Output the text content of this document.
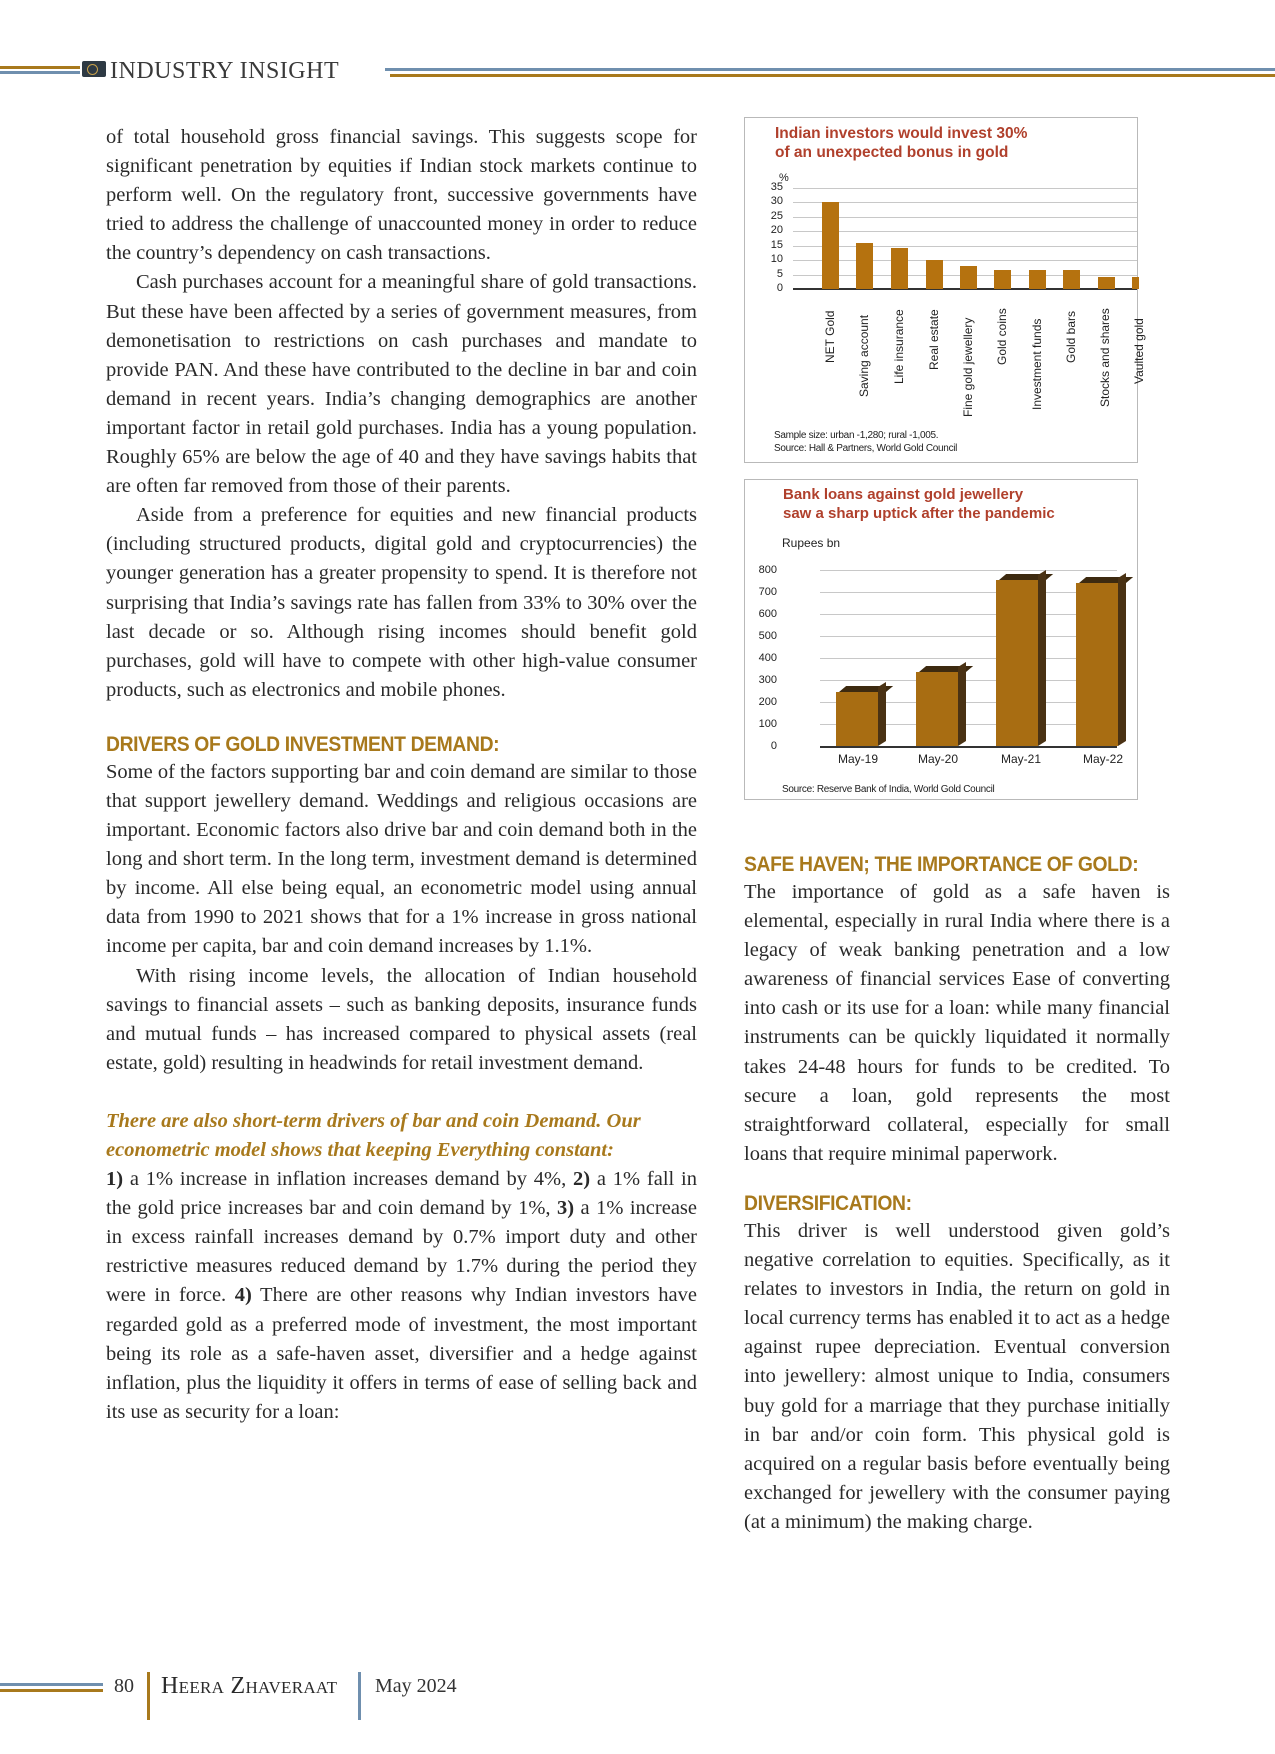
INDUSTRY INSIGHT

of total household gross financial savings. This suggests scope for significant penetration by equities if Indian stock markets continue to perform well. On the regulatory front, successive governments have tried to address the challenge of unaccounted money in order to reduce the country’s dependency on cash transactions.

Cash purchases account for a meaningful share of gold transactions. But these have been affected by a series of government measures, from demonetisation to restrictions on cash purchases and mandate to provide PAN. And these have contributed to the decline in bar and coin demand in recent years. India’s changing demographics are another important factor in retail gold purchases. India has a young population. Roughly 65% are below the age of 40 and they have savings habits that are often far removed from those of their parents.

Aside from a preference for equities and new financial products (including structured products, digital gold and cryptocurrencies) the younger generation has a greater propensity to spend. It is therefore not surprising that India’s savings rate has fallen from 33% to 30% over the last decade or so. Although rising incomes should benefit gold purchases, gold will have to compete with other high-value consumer products, such as electronics and mobile phones.

DRIVERS OF GOLD INVESTMENT DEMAND:

Some of the factors supporting bar and coin demand are similar to those that support jewellery demand. Weddings and religious occasions are important. Economic factors also drive bar and coin demand both in the long and short term. In the long term, investment demand is determined by income. All else being equal, an econometric model using annual data from 1990 to 2021 shows that for a 1% increase in gross national income per capita, bar and coin demand increases by 1.1%.

With rising income levels, the allocation of Indian household savings to financial assets – such as banking deposits, insurance funds and mutual funds – has increased compared to physical assets (real estate, gold) resulting in headwinds for retail investment demand.

There are also short-term drivers of bar and coin Demand. Our econometric model shows that keeping Everything constant:

1) a 1% increase in inflation increases demand by 4%, 2) a 1% fall in the gold price increases bar and coin demand by 1%, 3) a 1% increase in excess rainfall increases demand by 0.7% import duty and other restrictive measures reduced demand by 1.7% during the period they were in force. 4) There are other reasons why Indian investors have regarded gold as a preferred mode of investment, the most important being its role as a safe-haven asset, diversifier and a hedge against inflation, plus the liquidity it offers in terms of ease of selling back and its use as security for a loan:

Indian investors would invest 30%
of an unexpected bonus in gold
%
35
30
25
20
15
10
5
0
NET Gold Saving account Life insurance Real estate Fine gold jewellery Gold coins Investment funds Gold bars Stocks and shares Vaulted gold
Sample size: urban -1,280; rural -1,005.
Source: Hall & Partners, World Gold Council
Bank loans against gold jewellery
saw a sharp uptick after the pandemic
Rupees bn
800
700
600
500
400
300
200
100
0
May-19	May-20	May-21	May-22
Source: Reserve Bank of India, World Gold Council
SAFE HAVEN; THE IMPORTANCE OF GOLD:

The importance of gold as a safe haven is elemental, especially in rural India where there is a legacy of weak banking penetration and a low awareness of financial services Ease of converting into cash or its use for a loan: while many financial instruments can be quickly liquidated it normally takes 24-48 hours for funds to be credited. To secure a loan, gold represents the most straightforward collateral, especially for small loans that require minimal paperwork.

DIVERSIFICATION:

This driver is well understood given gold’s negative correlation to equities. Specifically, as it relates to investors in India, the return on gold in local currency terms has enabled it to act as a hedge against rupee depreciation. Eventual conversion into jewellery: almost unique to India, consumers buy gold for a marriage that they purchase initially in bar and/or coin form. This physical gold is acquired on a regular basis before eventually being exchanged for jewellery with the consumer paying (at a minimum) the making charge.

80 Heera Zhaveraat May 2024
